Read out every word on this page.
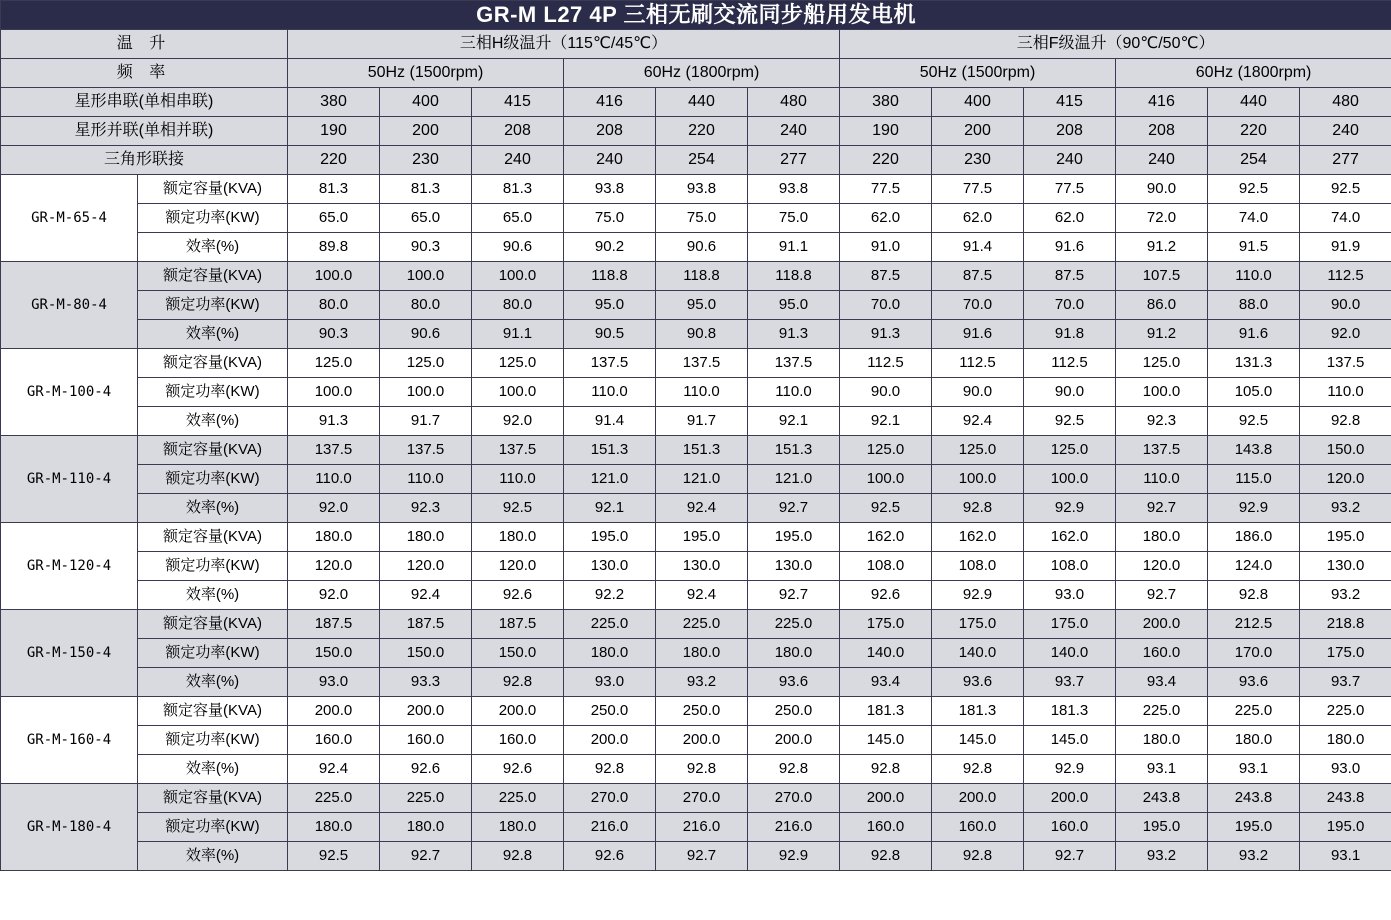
GR-M L27 4P 三相无刷交流同步船用发电机													
温 升		三相H级温升（115℃/45℃）						三相F级温升（90℃/50℃）					
频 率		50Hz (1500rpm)			60Hz (1800rpm)			50Hz (1500rpm)			60Hz (1800rpm)		
星形串联(单相串联)		380	400	415	416	440	480	380	400	415	416	440	480
星形并联(单相并联)		190	200	208	208	220	240	190	200	208	208	220	240
三角形联接		220	230	240	240	254	277	220	230	240	240	254	277
GR-M-65-4	额定容量(KVA)	81.3	81.3	81.3	93.8	93.8	93.8	77.5	77.5	77.5	90.0	92.5	92.5
	额定功率(KW)	65.0	65.0	65.0	75.0	75.0	75.0	62.0	62.0	62.0	72.0	74.0	74.0
	效率(%)	89.8	90.3	90.6	90.2	90.6	91.1	91.0	91.4	91.6	91.2	91.5	91.9
GR-M-80-4	额定容量(KVA)	100.0	100.0	100.0	118.8	118.8	118.8	87.5	87.5	87.5	107.5	110.0	112.5
	额定功率(KW)	80.0	80.0	80.0	95.0	95.0	95.0	70.0	70.0	70.0	86.0	88.0	90.0
	效率(%)	90.3	90.6	91.1	90.5	90.8	91.3	91.3	91.6	91.8	91.2	91.6	92.0
GR-M-100-4	额定容量(KVA)	125.0	125.0	125.0	137.5	137.5	137.5	112.5	112.5	112.5	125.0	131.3	137.5
	额定功率(KW)	100.0	100.0	100.0	110.0	110.0	110.0	90.0	90.0	90.0	100.0	105.0	110.0
	效率(%)	91.3	91.7	92.0	91.4	91.7	92.1	92.1	92.4	92.5	92.3	92.5	92.8
GR-M-110-4	额定容量(KVA)	137.5	137.5	137.5	151.3	151.3	151.3	125.0	125.0	125.0	137.5	143.8	150.0
	额定功率(KW)	110.0	110.0	110.0	121.0	121.0	121.0	100.0	100.0	100.0	110.0	115.0	120.0
	效率(%)	92.0	92.3	92.5	92.1	92.4	92.7	92.5	92.8	92.9	92.7	92.9	93.2
GR-M-120-4	额定容量(KVA)	180.0	180.0	180.0	195.0	195.0	195.0	162.0	162.0	162.0	180.0	186.0	195.0
	额定功率(KW)	120.0	120.0	120.0	130.0	130.0	130.0	108.0	108.0	108.0	120.0	124.0	130.0
	效率(%)	92.0	92.4	92.6	92.2	92.4	92.7	92.6	92.9	93.0	92.7	92.8	93.2
GR-M-150-4	额定容量(KVA)	187.5	187.5	187.5	225.0	225.0	225.0	175.0	175.0	175.0	200.0	212.5	218.8
	额定功率(KW)	150.0	150.0	150.0	180.0	180.0	180.0	140.0	140.0	140.0	160.0	170.0	175.0
	效率(%)	93.0	93.3	92.8	93.0	93.2	93.6	93.4	93.6	93.7	93.4	93.6	93.7
GR-M-160-4	额定容量(KVA)	200.0	200.0	200.0	250.0	250.0	250.0	181.3	181.3	181.3	225.0	225.0	225.0
	额定功率(KW)	160.0	160.0	160.0	200.0	200.0	200.0	145.0	145.0	145.0	180.0	180.0	180.0
	效率(%)	92.4	92.6	92.6	92.8	92.8	92.8	92.8	92.8	92.9	93.1	93.1	93.0
GR-M-180-4	额定容量(KVA)	225.0	225.0	225.0	270.0	270.0	270.0	200.0	200.0	200.0	243.8	243.8	243.8
	额定功率(KW)	180.0	180.0	180.0	216.0	216.0	216.0	160.0	160.0	160.0	195.0	195.0	195.0
	效率(%)	92.5	92.7	92.8	92.6	92.7	92.9	92.8	92.8	92.7	93.2	93.2	93.1
